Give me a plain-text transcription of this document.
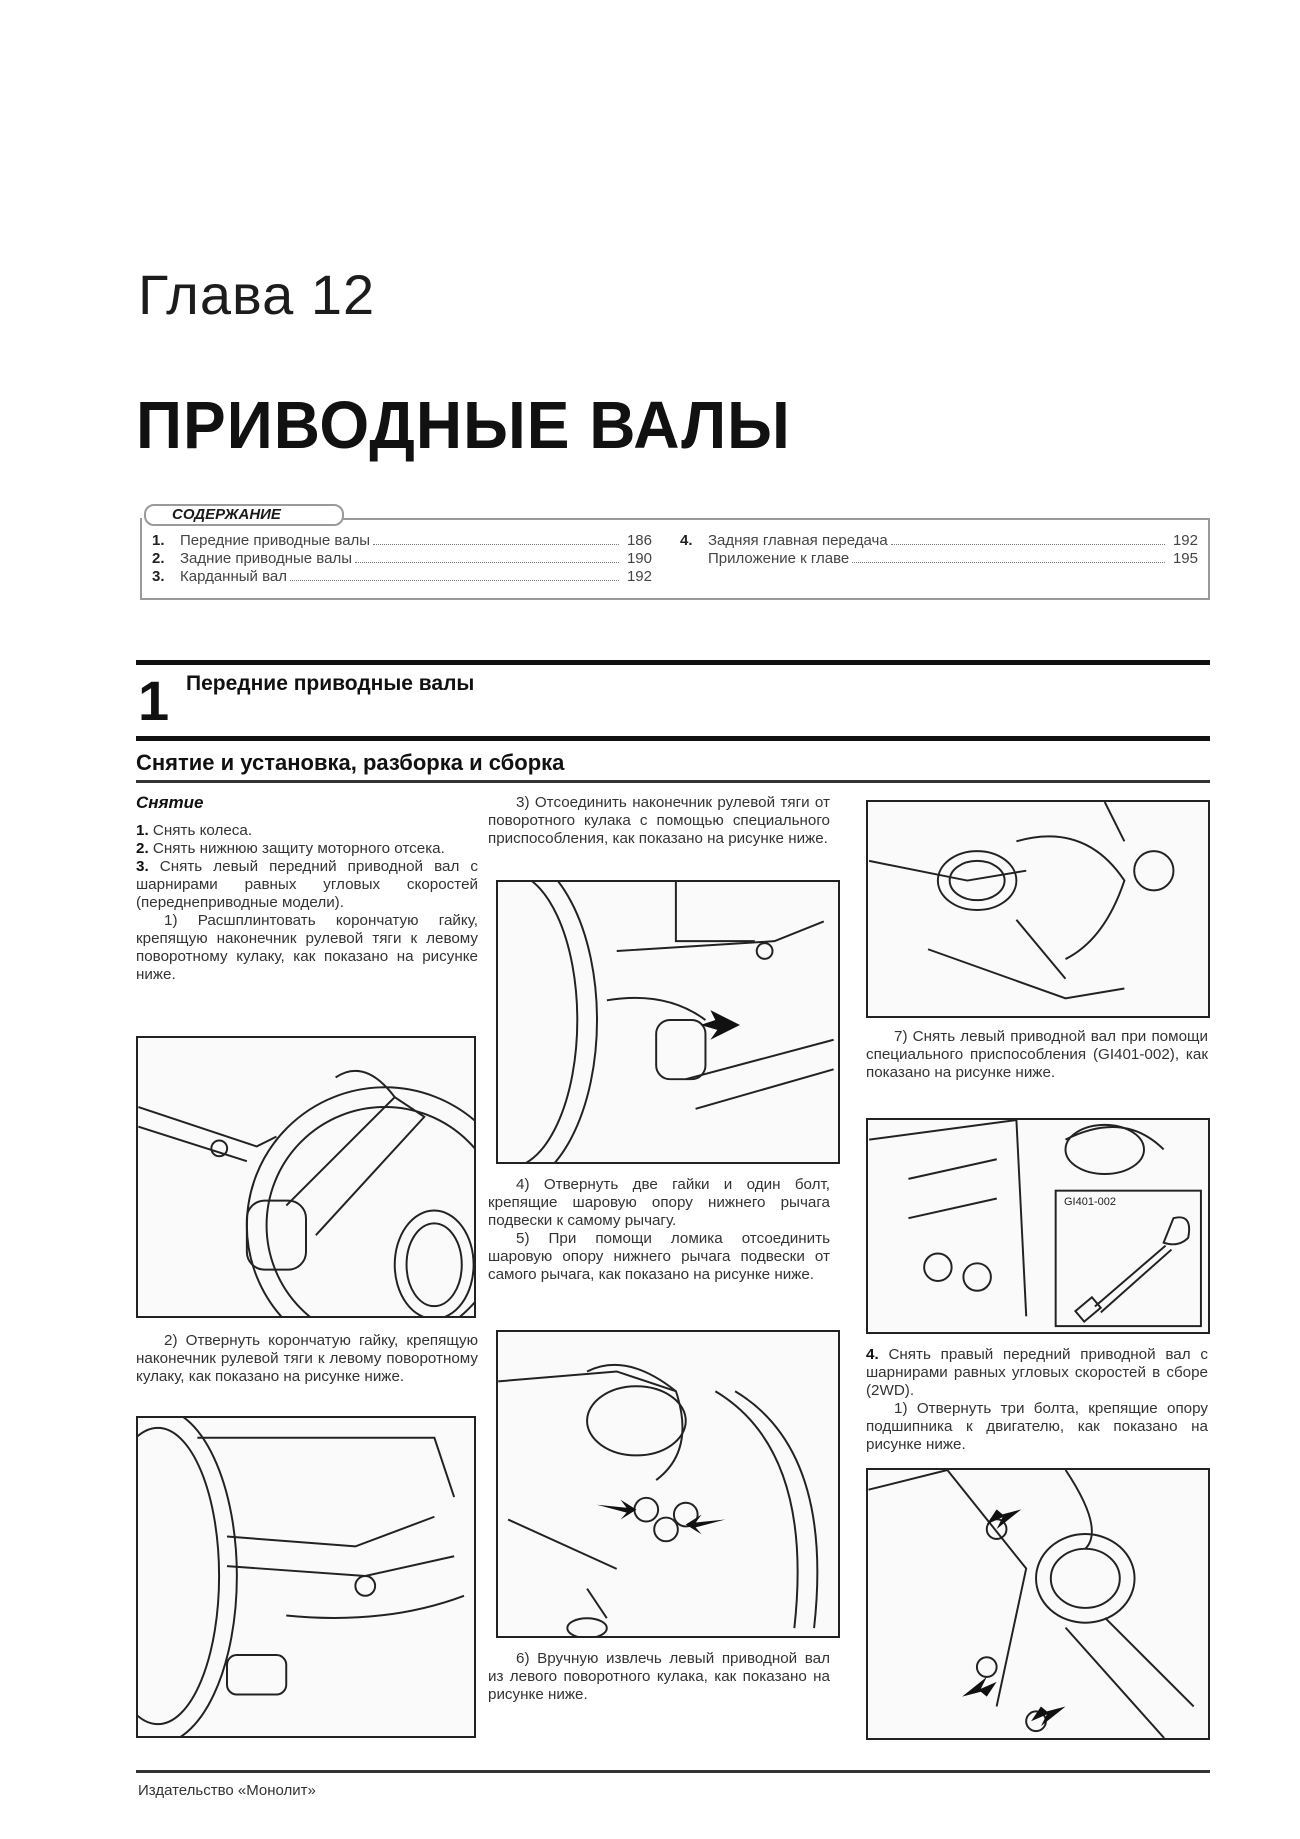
Глава 12
ПРИВОДНЫЕ ВАЛЫ
СОДЕРЖАНИЕ
1.	Передние приводные валы	186
2.	Задние приводные валы	190
3.	Карданный вал	192
4.	Задняя главная передача	192
Приложение к главе	195
1 Передние приводные валы
Снятие и установка, разборка и сборка
Снятие

1. Снять колеса.

2. Снять нижнюю защиту моторного отсека.

3. Снять левый передний приводной вал с шарнирами равных угловых скоростей (переднеприводные модели).

1) Расшплинтовать корончатую гайку, крепящую наконечник рулевой тяги к левому поворотному кулаку, как показано на рисунке ниже.

2) Отвернуть корончатую гайку, крепящую наконечник рулевой тяги к левому поворотному кулаку, как показано на рисунке ниже.

3) Отсоединить наконечник рулевой тяги от поворотного кулака с помощью специального приспособления, как показано на рисунке ниже.

4) Отвернуть две гайки и один болт, крепящие шаровую опору нижнего рычага подвески к самому рычагу.

5) При помощи ломика отсоединить шаровую опору нижнего рычага подвески от самого рычага, как показано на рисунке ниже.

6) Вручную извлечь левый приводной вал из левого поворотного кулака, как показано на рисунке ниже.

7) Снять левый приводной вал при помощи специального приспособления (GI401-002), как показано на рисунке ниже.

GI401-002

4. Снять правый передний приводной вал с шарнирами равных угловых скоростей в сборе (2WD).

1) Отвернуть три болта, крепящие опору подшипника к двигателю, как показано на рисунке ниже.

Издательство «Монолит»
